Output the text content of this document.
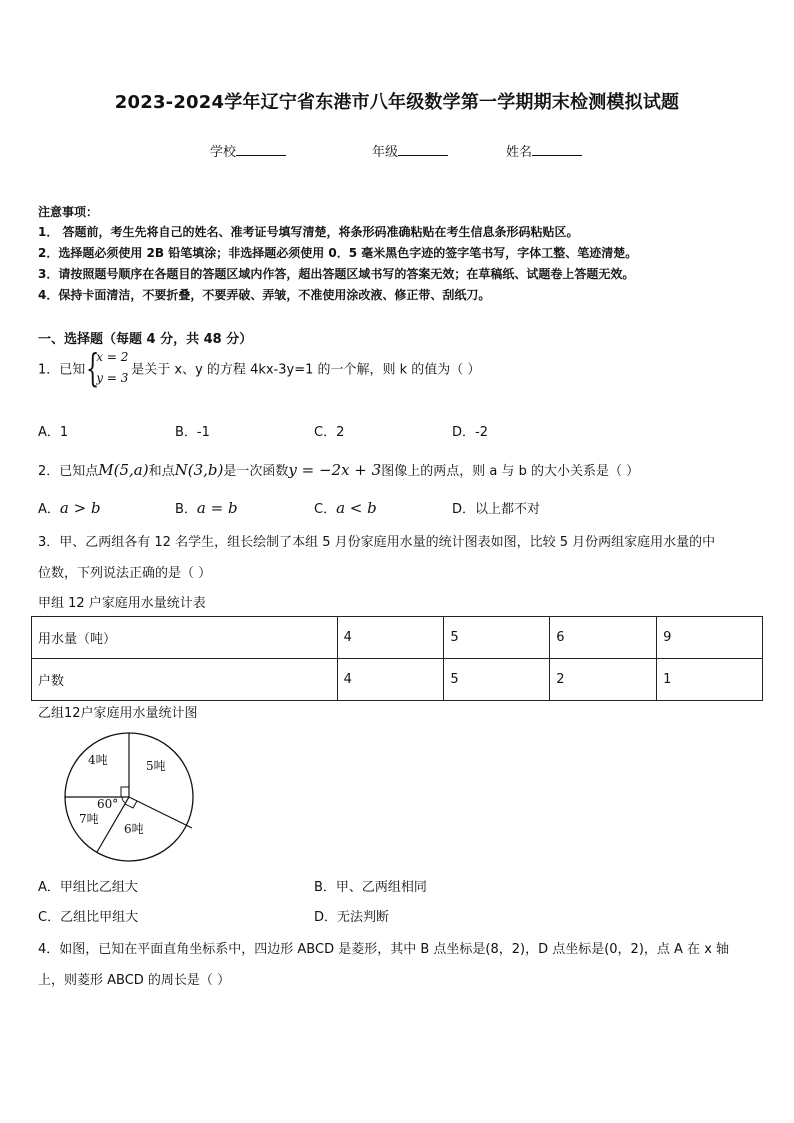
2023-2024学年辽宁省东港市八年级数学第一学期期末检测模拟试题
学校	年级	姓名
注意事项：
1． 答题前，考生先将自己的姓名、准考证号填写清楚，将条形码准确粘贴在考生信息条形码粘贴区。
2．选择题必须使用 2B 铅笔填涂；非选择题必须使用 0．5 毫米黑色字迹的签字笔书写，字体工整、笔迹清楚。
3．请按照题号顺序在各题目的答题区域内作答，超出答题区域书写的答案无效；在草稿纸、试题卷上答题无效。
4．保持卡面清洁，不要折叠，不要弄破、弄皱，不准使用涂改液、修正带、刮纸刀。
一、选择题（每题 4 分，共 48 分）
1．已知 {
x = 2
y = 3
是关于 x、y 的方程 4kx-3y=1 的一个解，则 k 的值为（ ）
A．1	B．-1	C．2	D．-2
2．已知点M(5,a)和点N(3,b)是一次函数y = −2x + 3图像上的两点，则 a 与 b 的大小关系是（ ）
A．a > b	B．a = b	C．a < b	D．以上都不对
3．甲、乙两组各有 12 名学生，组长绘制了本组 5 月份家庭用水量的统计图表如图，比较 5 月份两组家庭用水量的中
位数，下列说法正确的是（ ）
甲组 12 户家庭用水量统计表
用水量（吨）	4	5	6	9
户数	4	5	2	1
乙组12户家庭用水量统计图
4吨	5吨
6吨
7吨
60°
A．甲组比乙组大	B．甲、乙两组相同
C．乙组比甲组大	D．无法判断
4．如图，已知在平面直角坐标系中，四边形 ABCD 是菱形，其中 B 点坐标是(8，2)，D 点坐标是(0，2)，点 A 在 x 轴
上，则菱形 ABCD 的周长是（ ）
